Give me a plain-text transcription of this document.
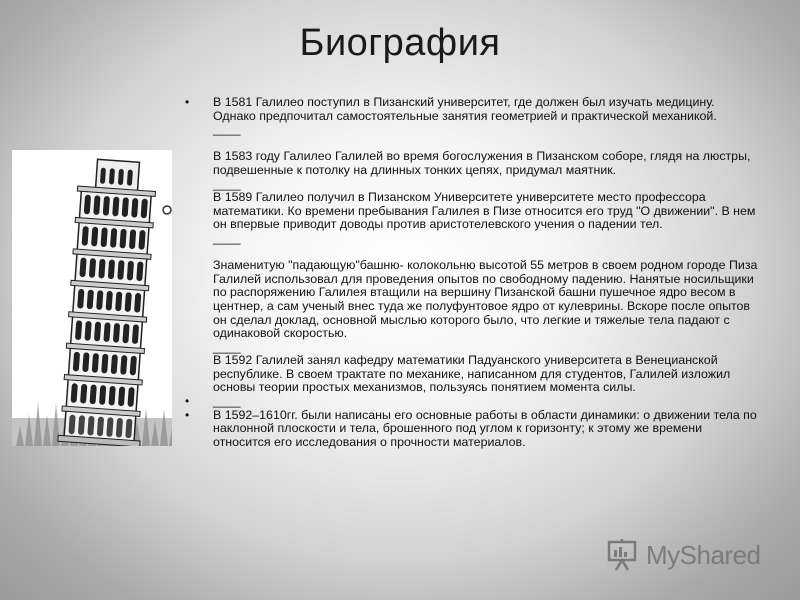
Биография
• В 1581 Галилео поступил в Пизанский университет, где должен был изучать медицину. Однако предпочитал самостоятельные занятия геометрией и практической механикой.
____
В 1583 году Галилео Галилей во время богослужения в Пизанском соборе, глядя на люстры, подвешенные к потолку на длинных тонких цепях, придумал маятник.
____
В 1589 Галилео получил в Пизанском Университете университете место профессора математики. Ко времени пребывания Галилея в Пизе относится его труд "О движении". В нем он впервые приводит доводы против аристотелевского учения о падении тел.
____
Знаменитую "падающую"башню- колокольню высотой 55 метров в своем родном городе Пиза Галилей использовал для проведения опытов по свободному падению. Нанятые носильщики по распоряжению Галилея втащили на вершину Пизанской башни пушечное ядро весом в центнер, а сам ученый внес туда же полуфунтовое ядро от кулеврины. Вскоре после опытов он сделал доклад, основной мыслью которого было, что легкие и тяжелые тела падают с одинаковой скоростью.
____
В 1592 Галилей занял кафедру математики Падуанского университета в Венецианской республике. В своем трактате по механике, написанном для студентов, Галилей изложил основы теории простых механизмов, пользуясь понятием момента силы.
• ____
• В 1592–1610гг. были написаны его основные работы в области динамики: о движении тела по наклонной плоскости и тела, брошенного под углом к горизонту; к этому же времени относится его исследования о прочности материалов.
MyShared
